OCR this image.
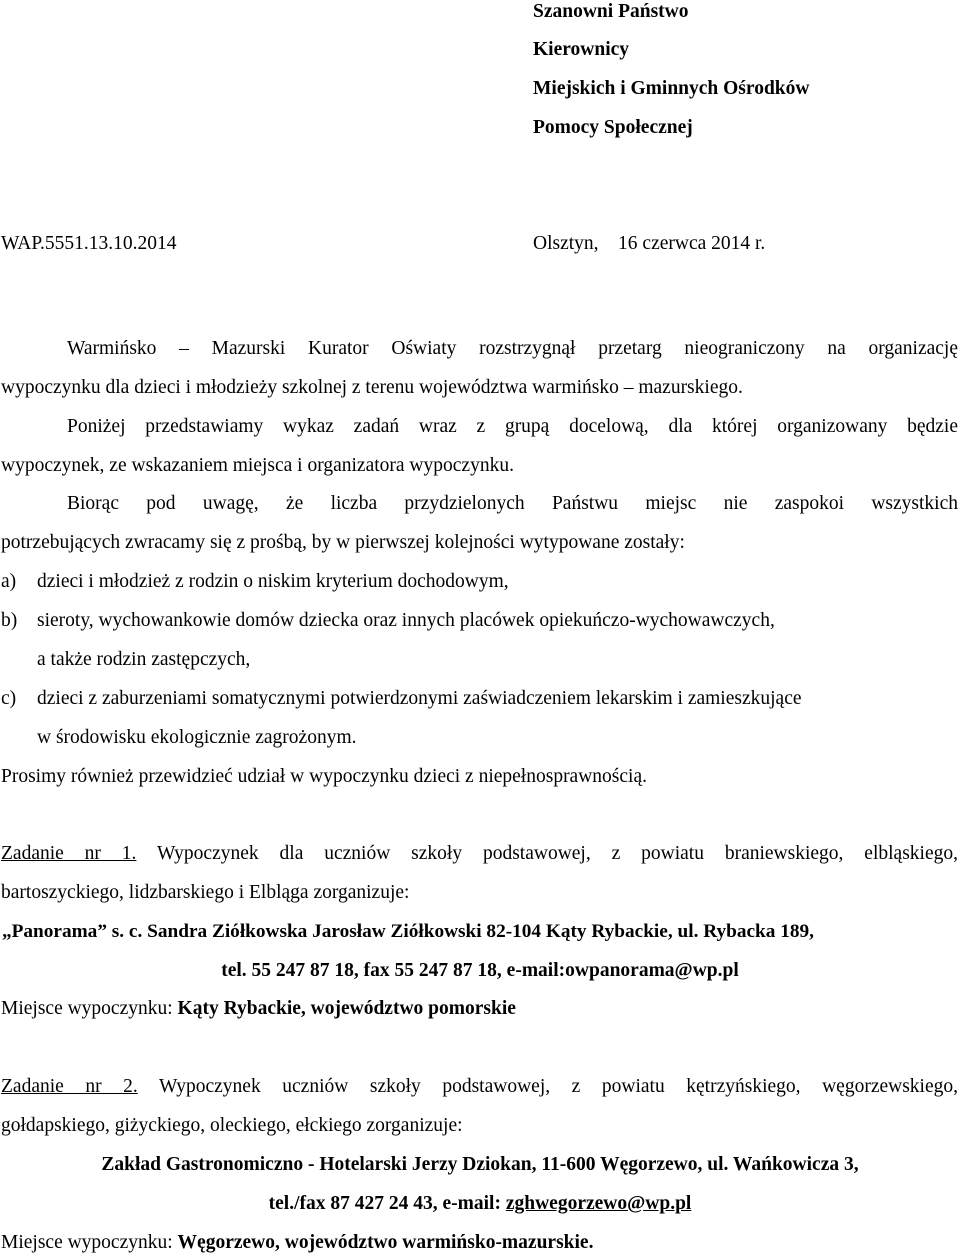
Szanowni Państwo
Kierownicy
Miejskich i Gminnych Ośrodków
Pomocy Społecznej
WAP.5551.13.10.2014	Olsztyn,    16 czerwca 2014 r.
Warmińsko – Mazurski Kurator Oświaty rozstrzygnął przetarg nieograniczony na organizację
wypoczynku dla dzieci i młodzieży szkolnej z terenu województwa warmińsko – mazurskiego.
Poniżej przedstawiamy wykaz zadań wraz z grupą docelową, dla której organizowany będzie
wypoczynek, ze wskazaniem miejsca i organizatora wypoczynku.
Biorąc pod uwagę, że liczba przydzielonych Państwu miejsc nie zaspokoi wszystkich
potrzebujących zwracamy się z prośbą, by w pierwszej kolejności wytypowane zostały:
a) dzieci i młodzież z rodzin o niskim kryterium dochodowym,
b) sieroty, wychowankowie domów dziecka oraz innych placówek opiekuńczo-wychowawczych,
a także rodzin zastępczych,
c) dzieci z zaburzeniami somatycznymi potwierdzonymi zaświadczeniem lekarskim i zamieszkujące
w środowisku ekologicznie zagrożonym.
Prosimy również przewidzieć udział w wypoczynku dzieci z niepełnosprawnością.
Zadanie nr 1. Wypoczynek dla uczniów szkoły podstawowej, z powiatu braniewskiego, elbląskiego,
bartoszyckiego, lidzbarskiego i Elbląga zorganizuje:
„Panorama” s. c. Sandra Ziółkowska Jarosław Ziółkowski 82-104 Kąty Rybackie, ul. Rybacka 189,
tel. 55 247 87 18, fax 55 247 87 18, e-mail:owpanorama@wp.pl
Miejsce wypoczynku: Kąty Rybackie, województwo pomorskie
Zadanie nr 2. Wypoczynek uczniów szkoły podstawowej, z powiatu kętrzyńskiego, węgorzewskiego,
gołdapskiego, giżyckiego, oleckiego, ełckiego zorganizuje:
Zakład Gastronomiczno - Hotelarski Jerzy Dziokan, 11-600 Węgorzewo, ul. Wańkowicza 3,
tel./fax 87 427 24 43, e-mail: zghwegorzewo@wp.pl
Miejsce wypoczynku: Węgorzewo, województwo warmińsko-mazurskie.
